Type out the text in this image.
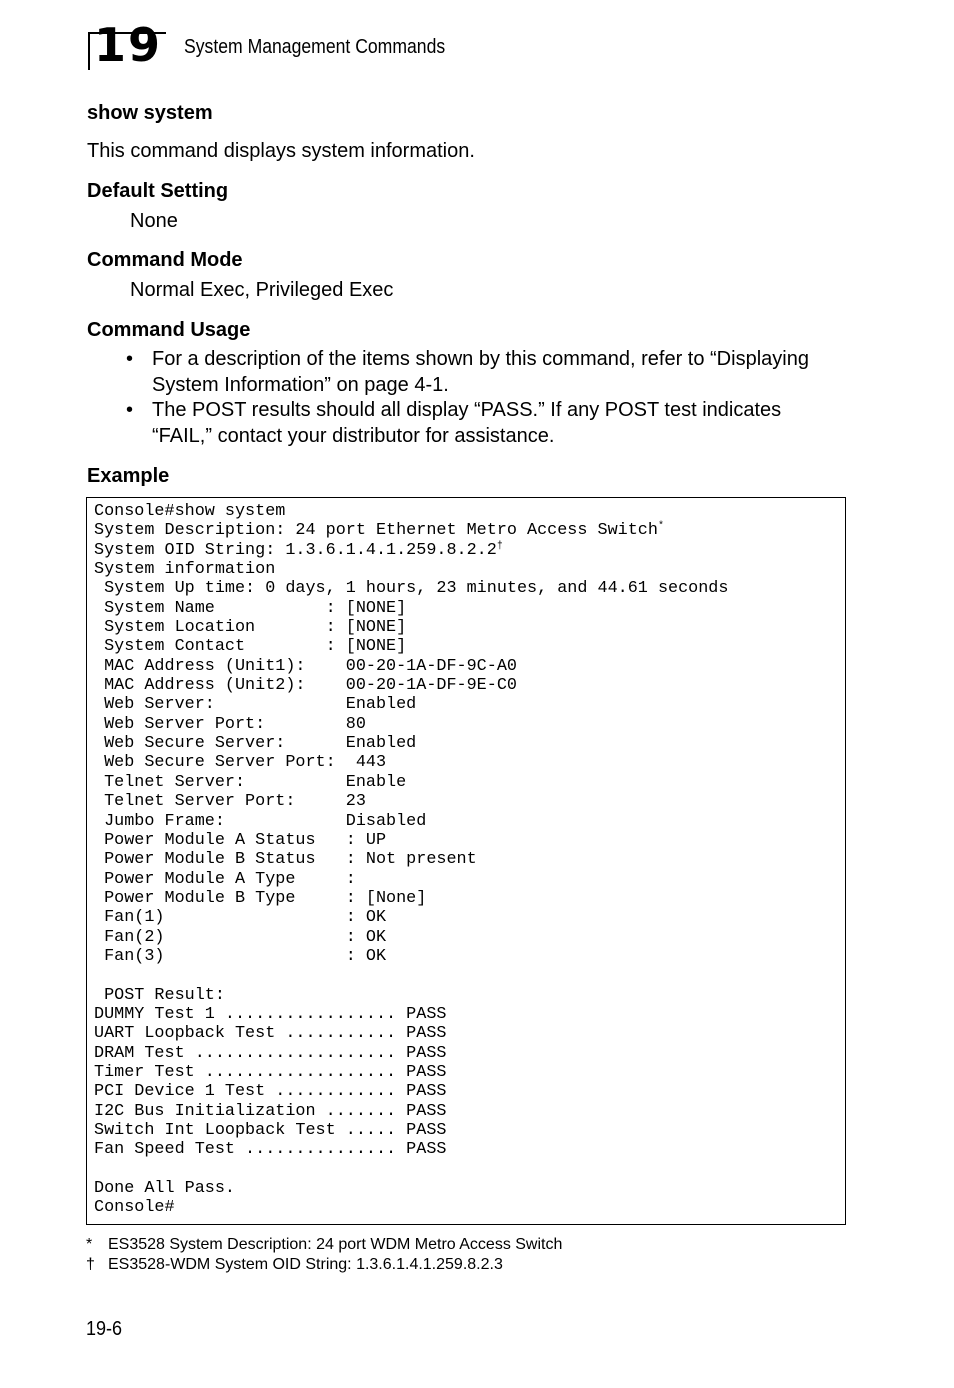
19 System Management Commands
show system
This command displays system information.
Default Setting
None
Command Mode
Normal Exec, Privileged Exec
Command Usage
• For a description of the items shown by this command, refer to “Displaying
System Information” on page 4-1.
• The POST results should all display “PASS.” If any POST test indicates
“FAIL,” contact your distributor for assistance.
Example
Console#show system
System Description: 24 port Ethernet Metro Access Switch*
System OID String: 1.3.6.1.4.1.259.8.2.2†
System information
System Up time: 0 days, 1 hours, 23 minutes, and 44.61 seconds
System Name           : [NONE]
System Location       : [NONE]
System Contact        : [NONE]
MAC Address (Unit1):    00-20-1A-DF-9C-A0
MAC Address (Unit2):    00-20-1A-DF-9E-C0
Web Server:             Enabled
Web Server Port:        80
Web Secure Server:      Enabled
Web Secure Server Port:  443
Telnet Server:          Enable
Telnet Server Port:     23
Jumbo Frame:            Disabled
Power Module A Status   : UP
Power Module B Status   : Not present
Power Module A Type     :
Power Module B Type     : [None]
Fan(1)                  : OK
Fan(2)                  : OK
Fan(3)                  : OK

POST Result:
DUMMY Test 1 ................. PASS
UART Loopback Test ........... PASS
DRAM Test .................... PASS
Timer Test ................... PASS
PCI Device 1 Test ............ PASS
I2C Bus Initialization ....... PASS
Switch Int Loopback Test ..... PASS
Fan Speed Test ............... PASS

Done All Pass.
Console#
* ES3528 System Description: 24 port WDM Metro Access Switch
† ES3528-WDM System OID String: 1.3.6.1.4.1.259.8.2.3
19-6
